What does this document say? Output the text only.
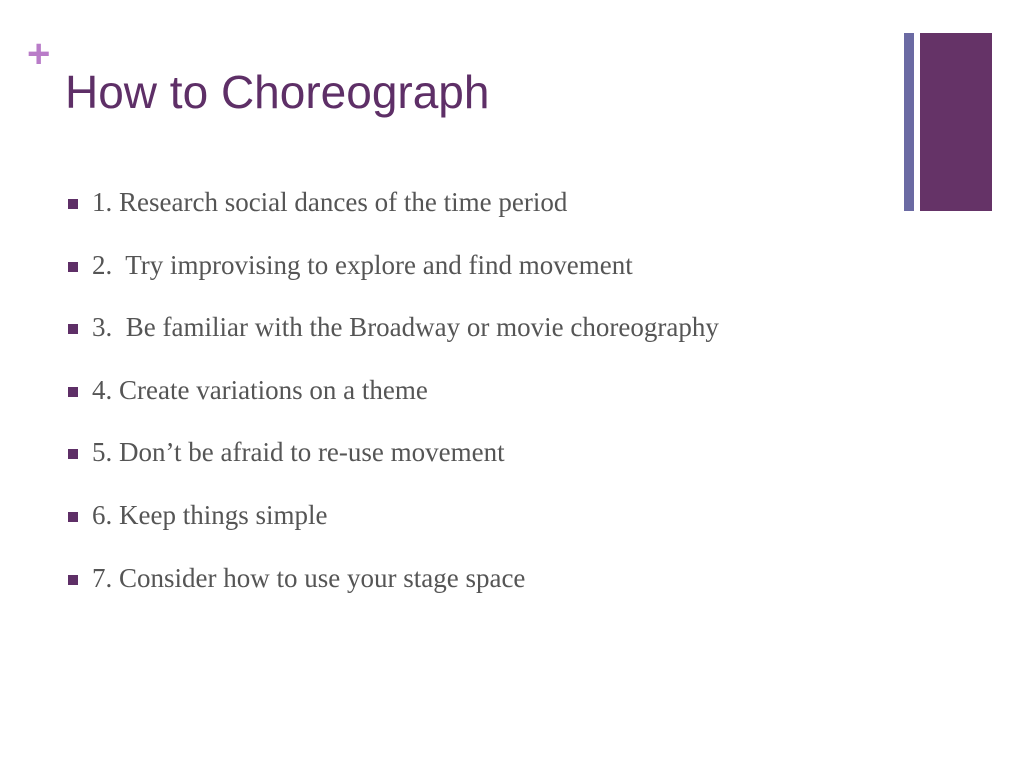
+
How to Choreograph
1. Research social dances of the time period
2.  Try improvising to explore and find movement
3.  Be familiar with the Broadway or movie choreography
4. Create variations on a theme
5. Don’t be afraid to re-use movement
6. Keep things simple
7. Consider how to use your stage space
